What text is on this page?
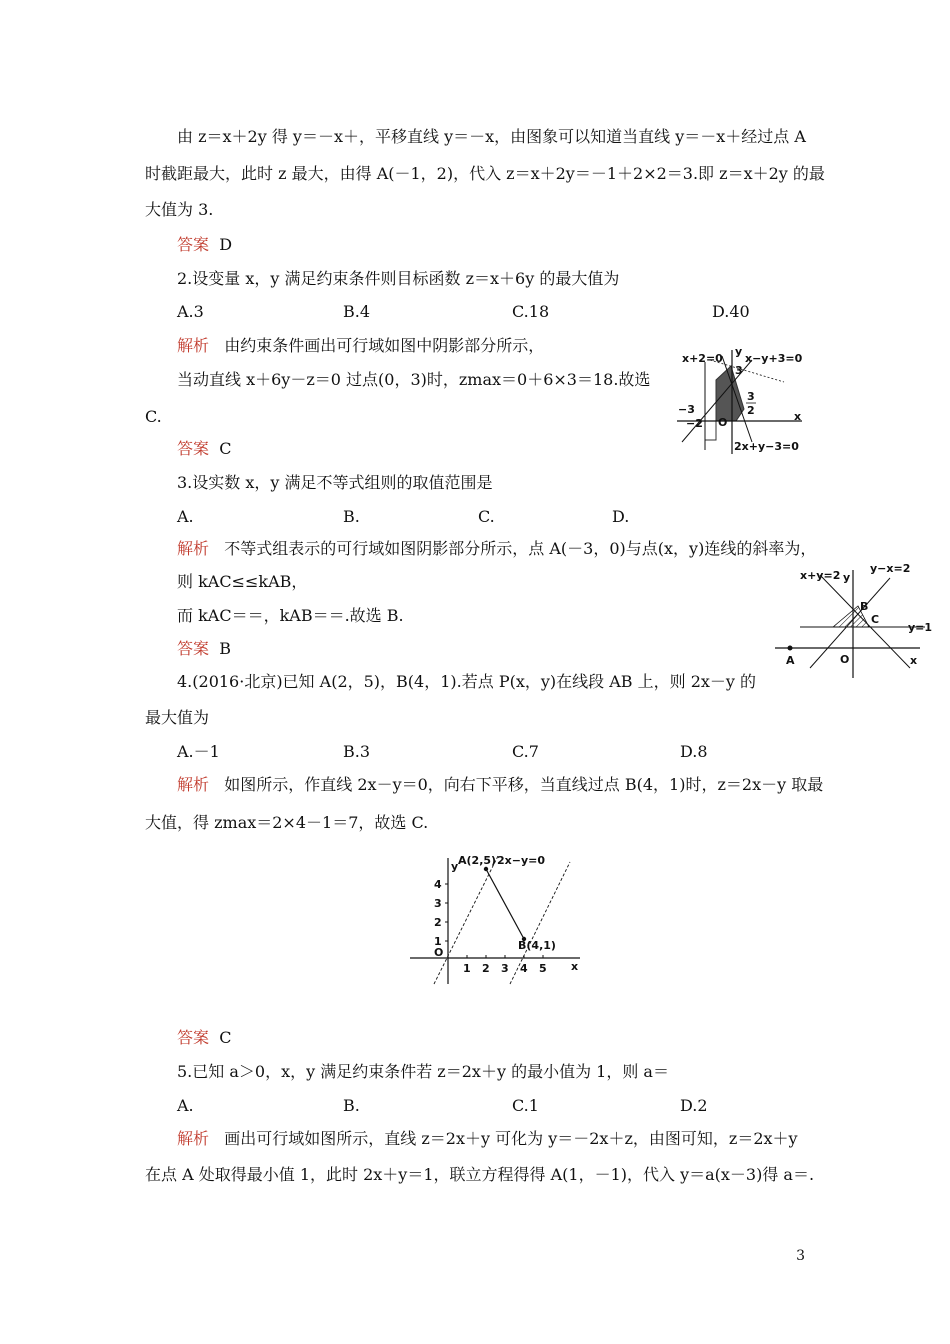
由 z＝x＋2y 得 y＝－x＋，平移直线 y＝－x，由图象可以知道当直线 y＝－x＋经过点 A
时截距最大，此时 z 最大，由得 A(－1，2)，代入 z＝x＋2y＝－1＋2×2＝3.即 z＝x＋2y 的最
大值为 3.
答案 D
2.设变量 x，y 满足约束条件则目标函数 z＝x＋6y 的最大值为
A.3	B.4	C.18	D.40
解析 由约束条件画出可行域如图中阴影部分所示，
当动直线 x＋6y－z＝0 过点(0，3)时，zmax＝0＋6×3＝18.故选
C.
答案 C
x+2=0
y
x−y+3=0
3
−3
−2 O
3
2	x
2x+y−3=0
3.设实数 x，y 满足不等式组则的取值范围是
A.	B.	C.	D.
解析 不等式组表示的可行域如图阴影部分所示，点 A(－3，0)与点(x，y)连线的斜率为，
则 kAC≤≤kAB，
而 kAC＝＝，kAB＝＝.故选 B.
答案 B
x+y=2 y
y−x=2
B
C
y=1
A	O	x
4.(2016·北京)已知 A(2，5)，B(4，1).若点 P(x，y)在线段 AB 上，则 2x－y 的
最大值为
A.－1	B.3	C.7	D.8
解析 如图所示，作直线 2x－y＝0，向右下平移，当直线过点 B(4，1)时，z＝2x－y 取最
大值，得 zmax＝2×4－1＝7，故选 C.
A(2,5) 2x−y=0
y
4
3
2
1
O
B(4,1)
1 2 3 4 5 x
答案 C
5.已知 a＞0，x，y 满足约束条件若 z＝2x＋y 的最小值为 1，则 a＝
A.	B.	C.1	D.2
解析 画出可行域如图所示，直线 z＝2x＋y 可化为 y＝－2x＋z，由图可知，z＝2x＋y
在点 A 处取得最小值 1，此时 2x＋y＝1，联立方程得得 A(1，－1)，代入 y＝a(x－3)得 a＝.
3
